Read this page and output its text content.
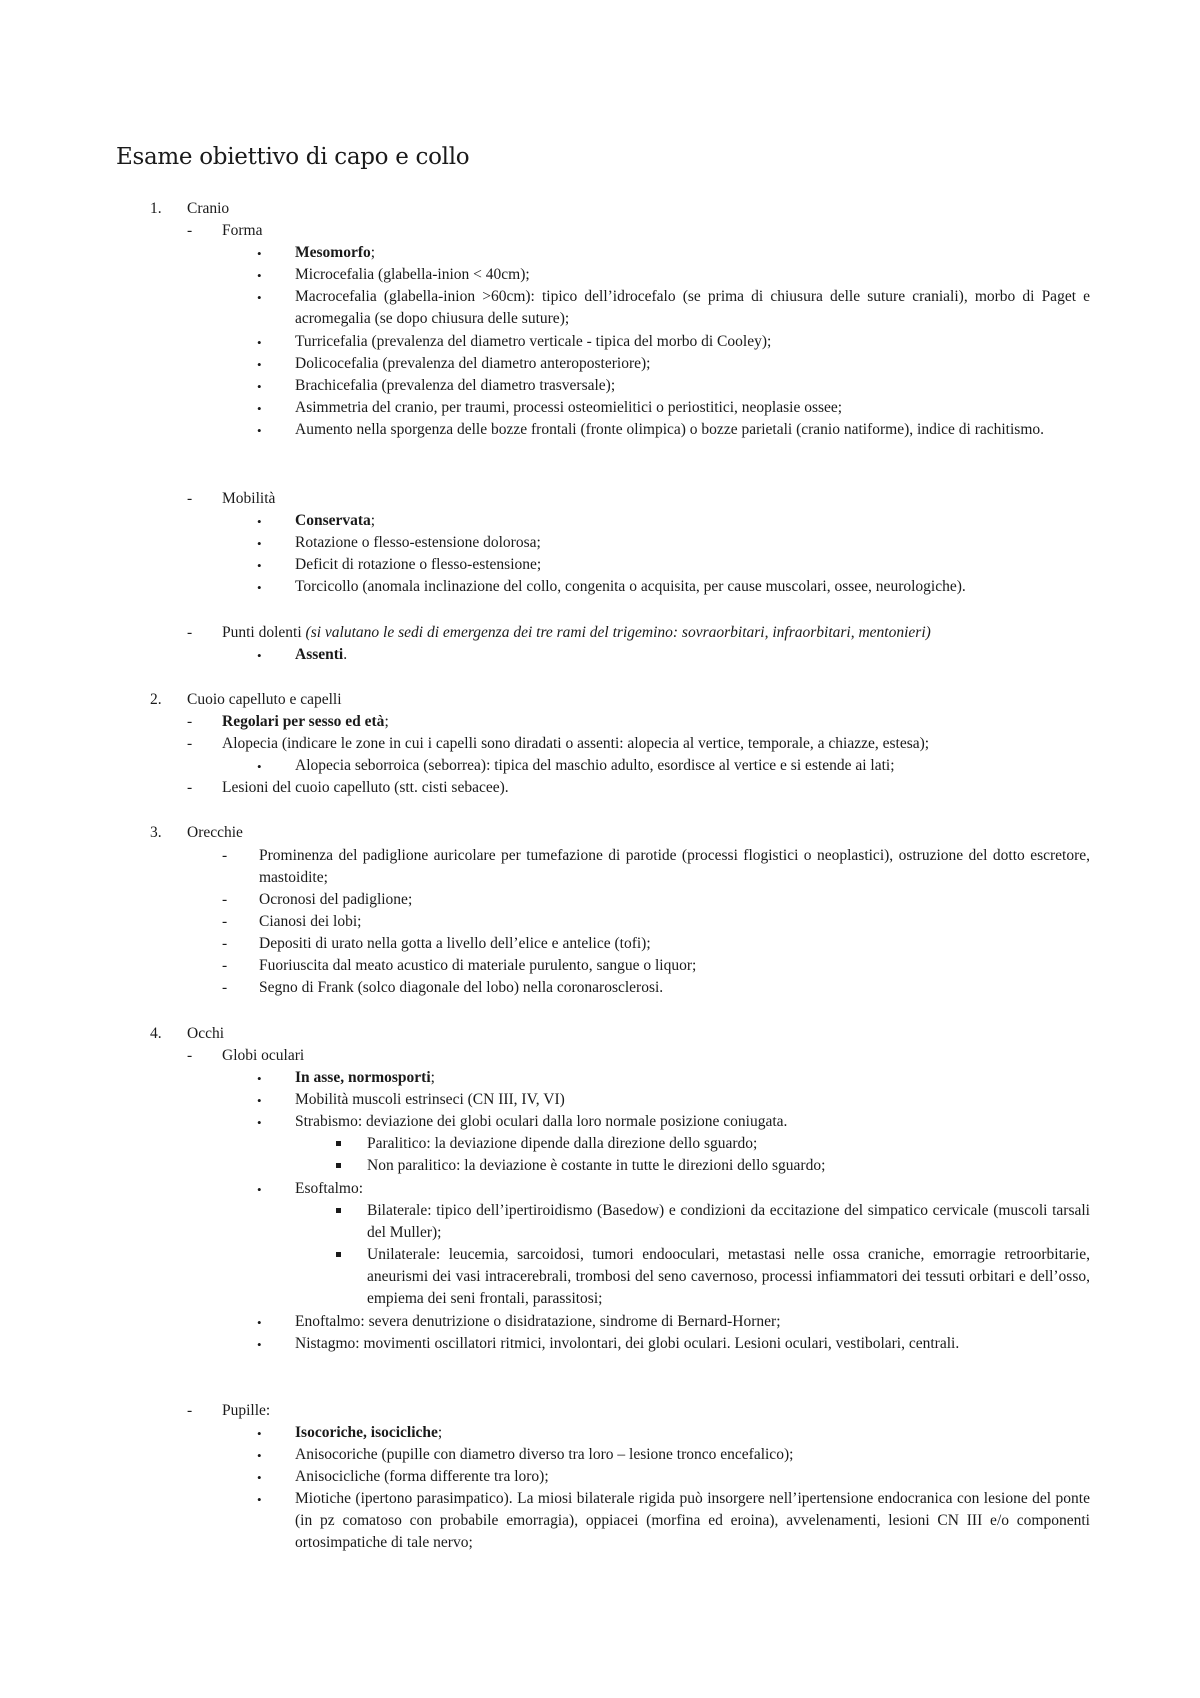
Esame obiettivo di capo e collo
1. Cranio
- Forma
• Mesomorfo;
• Microcefalia (glabella-inion < 40cm);
• Macrocefalia (glabella-inion >60cm): tipico dell’idrocefalo (se prima di chiusura delle suture craniali), morbo di Paget e acromegalia (se dopo chiusura delle suture);
• Turricefalia (prevalenza del diametro verticale - tipica del morbo di Cooley);
• Dolicocefalia (prevalenza del diametro anteroposteriore);
• Brachicefalia (prevalenza del diametro trasversale);
• Asimmetria del cranio, per traumi, processi osteomielitici o periostitici, neoplasie ossee;
• Aumento nella sporgenza delle bozze frontali (fronte olimpica) o bozze parietali (cranio natiforme), indice di rachitismo.
- Mobilità
• Conservata;
• Rotazione o flesso-estensione dolorosa;
• Deficit di rotazione o flesso-estensione;
• Torcicollo (anomala inclinazione del collo, congenita o acquisita, per cause muscolari, ossee, neurologiche).
- Punti dolenti (si valutano le sedi di emergenza dei tre rami del trigemino: sovraorbitari, infraorbitari, mentonieri)
• Assenti.
2. Cuoio capelluto e capelli
- Regolari per sesso ed età;
- Alopecia (indicare le zone in cui i capelli sono diradati o assenti: alopecia al vertice, temporale, a chiazze, estesa);
• Alopecia seborroica (seborrea): tipica del maschio adulto, esordisce al vertice e si estende ai lati;
- Lesioni del cuoio capelluto (stt. cisti sebacee).
3. Orecchie
- Prominenza del padiglione auricolare per tumefazione di parotide (processi flogistici o neoplastici), ostruzione del dotto escretore, mastoidite;
- Ocronosi del padiglione;
- Cianosi dei lobi;
- Depositi di urato nella gotta a livello dell’elice e antelice (tofi);
- Fuoriuscita dal meato acustico di materiale purulento, sangue o liquor;
- Segno di Frank (solco diagonale del lobo) nella coronarosclerosi.
4. Occhi
- Globi oculari
• In asse, normosporti;
• Mobilità muscoli estrinseci (CN III, IV, VI)
• Strabismo: deviazione dei globi oculari dalla loro normale posizione coniugata.
Paralitico: la deviazione dipende dalla direzione dello sguardo;
Non paralitico: la deviazione è costante in tutte le direzioni dello sguardo;
• Esoftalmo:
Bilaterale: tipico dell’ipertiroidismo (Basedow) e condizioni da eccitazione del simpatico cervicale (muscoli tarsali del Muller);
Unilaterale: leucemia, sarcoidosi, tumori endooculari, metastasi nelle ossa craniche, emorragie retroorbitarie, aneurismi dei vasi intracerebrali, trombosi del seno cavernoso, processi infiammatori dei tessuti orbitari e dell’osso, empiema dei seni frontali, parassitosi;
• Enoftalmo: severa denutrizione o disidratazione, sindrome di Bernard-Horner;
• Nistagmo: movimenti oscillatori ritmici, involontari, dei globi oculari. Lesioni oculari, vestibolari, centrali.
- Pupille:
• Isocoriche, isocicliche;
• Anisocoriche (pupille con diametro diverso tra loro – lesione tronco encefalico);
• Anisocicliche (forma differente tra loro);
• Miotiche (ipertono parasimpatico). La miosi bilaterale rigida può insorgere nell’ipertensione endocranica con lesione del ponte (in pz comatoso con probabile emorragia), oppiacei (morfina ed eroina), avvelenamenti, lesioni CN III e/o componenti ortosimpatiche di tale nervo;
